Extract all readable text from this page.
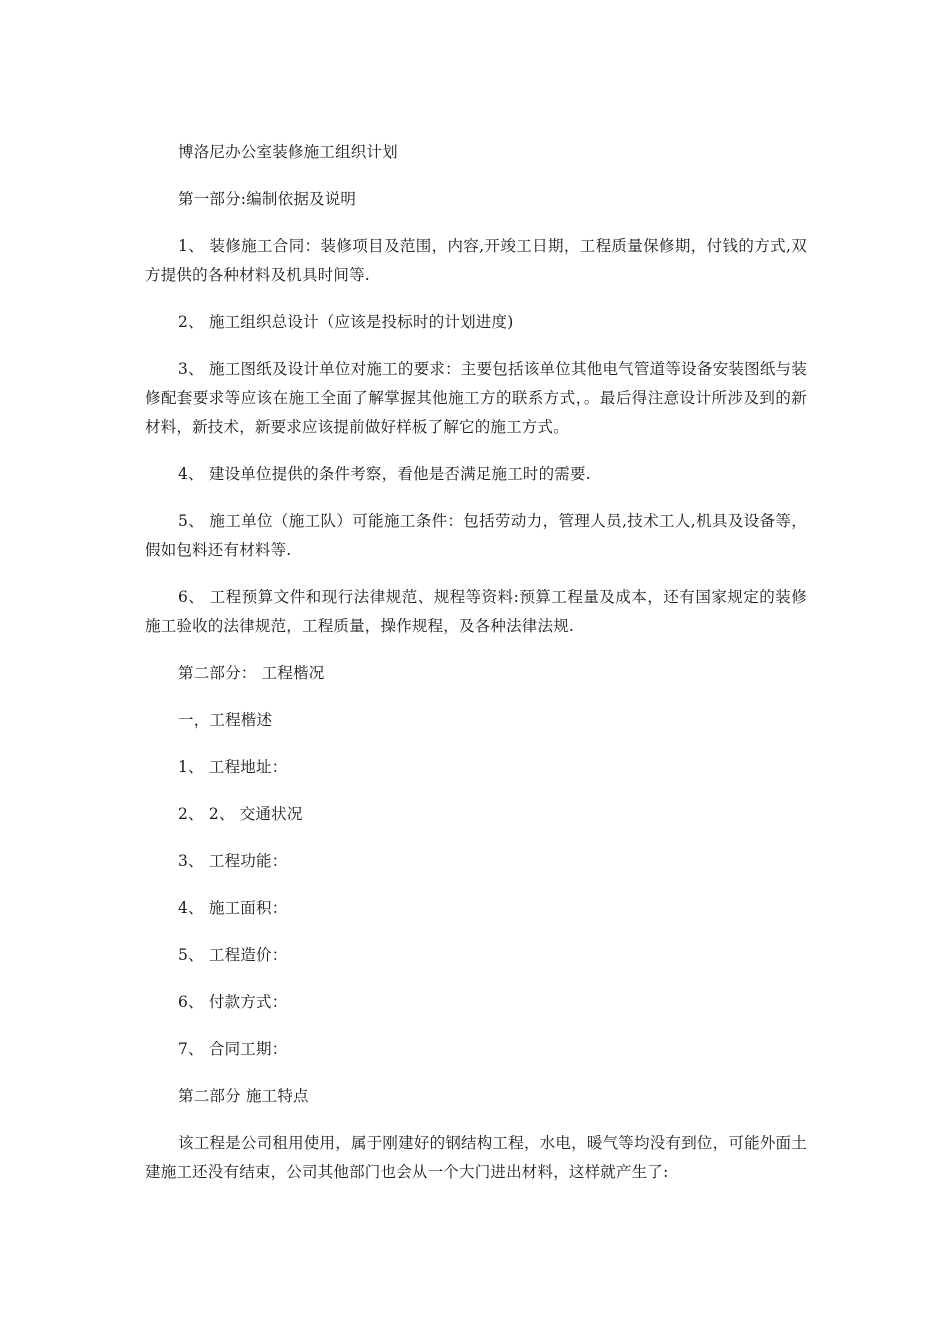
博洛尼办公室装修施工组织计划

第一部分:编制依据及说明

1、 装修施工合同：装修项目及范围，内容,开竣工日期，工程质量保修期，付钱的方式,双方提供的各种材料及机具时间等.

2、 施工组织总设计（应该是投标时的计划进度)

3、 施工图纸及设计单位对施工的要求：主要包括该单位其他电气管道等设备安装图纸与装修配套要求等应该在施工全面了解掌握其他施工方的联系方式，。最后得注意设计所涉及到的新材料，新技术，新要求应该提前做好样板了解它的施工方式。

4、 建设单位提供的条件考察，看他是否满足施工时的需要.

5、 施工单位（施工队）可能施工条件：包括劳动力，管理人员,技术工人,机具及设备等，假如包料还有材料等.

6、 工程预算文件和现行法律规范、规程等资料:预算工程量及成本，还有国家规定的装修施工验收的法律规范，工程质量，操作规程，及各种法律法规.

第二部分： 工程楷况

一，工程楷述

1、 工程地址：

2、 2、 交通状况

3、 工程功能：

4、 施工面积：

5、 工程造价：

6、 付款方式：

7、 合同工期：

第二部分 施工特点

该工程是公司租用使用，属于刚建好的钢结构工程，水电，暖气等均没有到位，可能外面土建施工还没有结束，公司其他部门也会从一个大门进出材料，这样就产生了:
